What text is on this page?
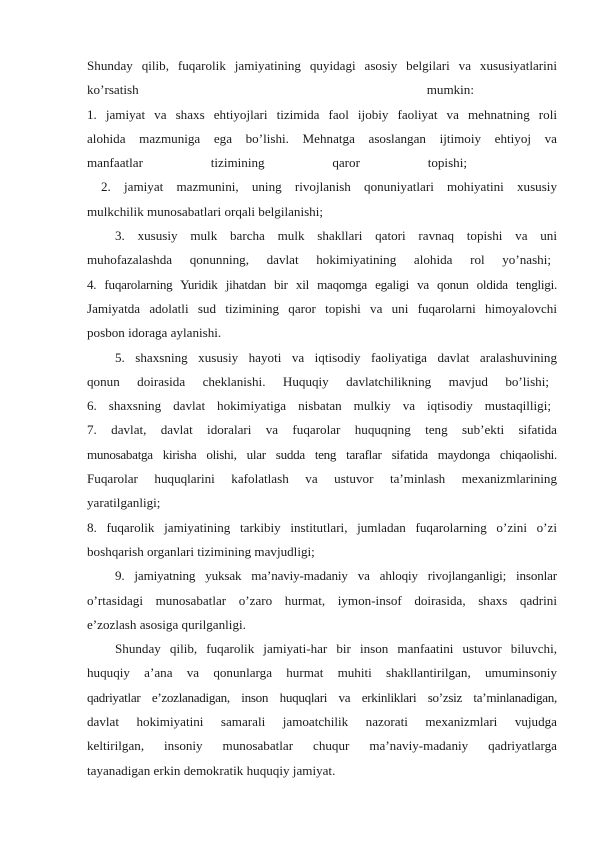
Shunday qilib, fuqarolik jamiyatining quyidagi asosiy belgilari va xususiyatlarini
ko’rsatish mumkin:
1. jamiyat va shaxs ehtiyojlari tizimida faol ijobiy faoliyat va mehnatning roli
alohida mazmuniga ega bo’lishi. Mehnatga asoslangan ijtimoiy ehtiyoj va
manfaatlar tizimining qaror topishi;
2. jamiyat mazmunini, uning rivojlanish qonuniyatlari mohiyatini xususiy
mulkchilik munosabatlari orqali belgilanishi;
3. xususiy mulk barcha mulk shakllari qatori ravnaq topishi va uni
muhofazalashda qonunning, davlat hokimiyatining alohida rol yo’nashi;
4. fuqarolarning Yuridik jihatdan bir xil maqomga egaligi va qonun oldida tengligi.
Jamiyatda adolatli sud tizimining qaror topishi va uni fuqarolarni himoyalovchi
posbon idoraga aylanishi.
5. shaxsning xususiy hayoti va iqtisodiy faoliyatiga davlat aralashuvining
qonun doirasida cheklanishi. Huquqiy davlatchilikning mavjud bo’lishi;
6. shaxsning davlat hokimiyatiga nisbatan mulkiy va iqtisodiy mustaqilligi;
7. davlat, davlat idoralari va fuqarolar huquqning teng sub’ekti sifatida
munosabatga kirisha olishi, ular sudda teng taraflar sifatida maydonga chiqaolishi.
Fuqarolar huquqlarini kafolatlash va ustuvor ta’minlash mexanizmlarining
yaratilganligi;
8. fuqarolik jamiyatining tarkibiy institutlari, jumladan fuqarolarning o’zini o’zi
boshqarish organlari tizimining mavjudligi;
9. jamiyatning yuksak ma’naviy-madaniy va ahloqiy rivojlanganligi; insonlar
o’rtasidagi munosabatlar o’zaro hurmat, iymon-insof doirasida, shaxs qadrini
e’zozlash asosiga qurilganligi.
Shunday qilib, fuqarolik jamiyati-har bir inson manfaatini ustuvor biluvchi,
huquqiy a’ana va qonunlarga hurmat muhiti shakllantirilgan, umuminsoniy
qadriyatlar e’zozlanadigan, inson huquqlari va erkinliklari so’zsiz ta’minlanadigan,
davlat hokimiyatini samarali jamoatchilik nazorati mexanizmlari vujudga
keltirilgan, insoniy munosabatlar chuqur ma’naviy-madaniy qadriyatlarga
tayanadigan erkin demokratik huquqiy jamiyat.
